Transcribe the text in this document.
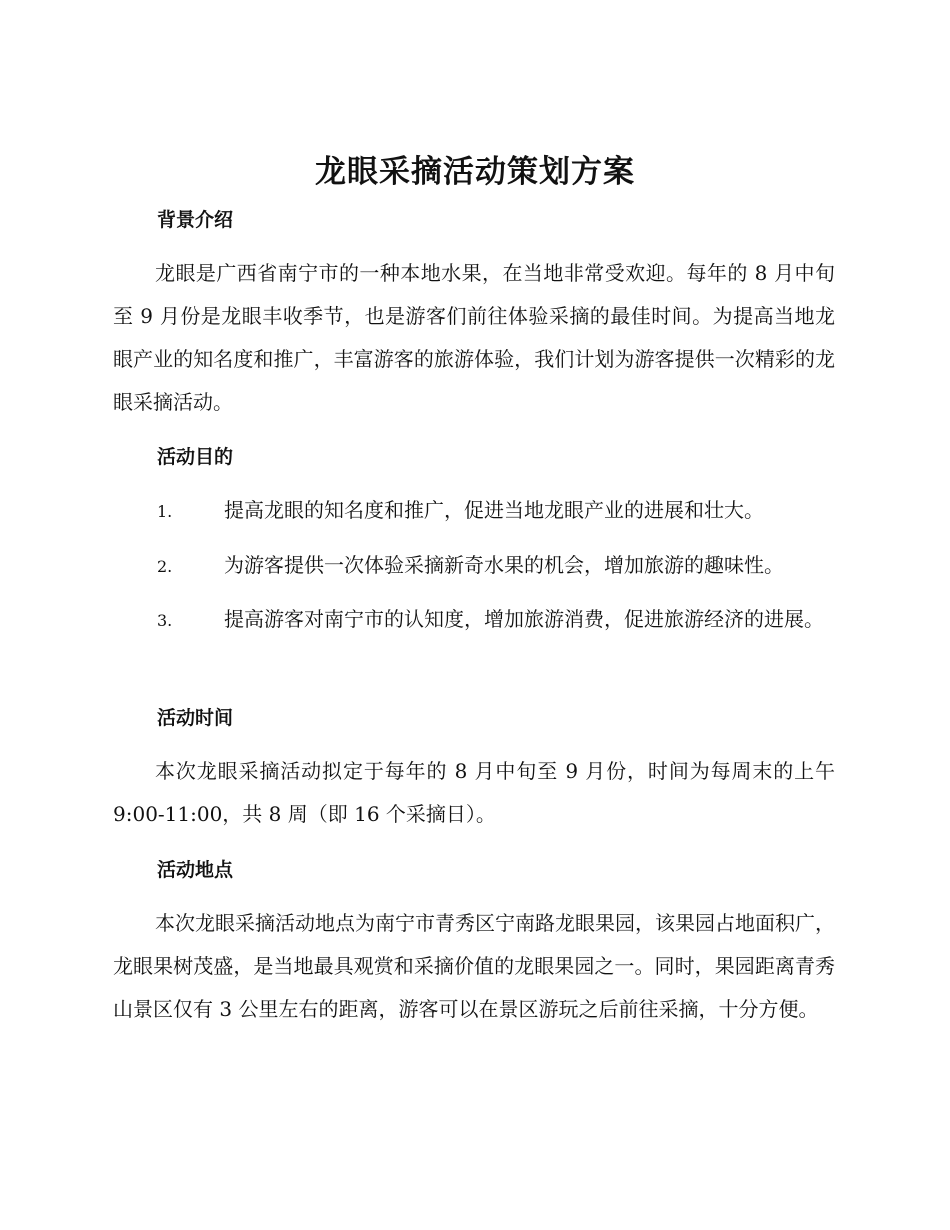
龙眼采摘活动策划方案
背景介绍
龙眼是广西省南宁市的一种本地水果，在当地非常受欢迎。每年的 8 月中旬至 9 月份是龙眼丰收季节，也是游客们前往体验采摘的最佳时间。为提高当地龙眼产业的知名度和推广，丰富游客的旅游体验，我们计划为游客提供一次精彩的龙眼采摘活动。
活动目的
1.	提高龙眼的知名度和推广，促进当地龙眼产业的进展和壮大。
2.	为游客提供一次体验采摘新奇水果的机会，增加旅游的趣味性。
3.	提高游客对南宁市的认知度，增加旅游消费，促进旅游经济的进展。
活动时间
本次龙眼采摘活动拟定于每年的 8 月中旬至 9 月份，时间为每周末的上午 9:00-11:00，共 8 周（即 16 个采摘日）。
活动地点
本次龙眼采摘活动地点为南宁市青秀区宁南路龙眼果园，该果园占地面积广，龙眼果树茂盛，是当地最具观赏和采摘价值的龙眼果园之一。同时，果园距离青秀山景区仅有 3 公里左右的距离，游客可以在景区游玩之后前往采摘，十分方便。
